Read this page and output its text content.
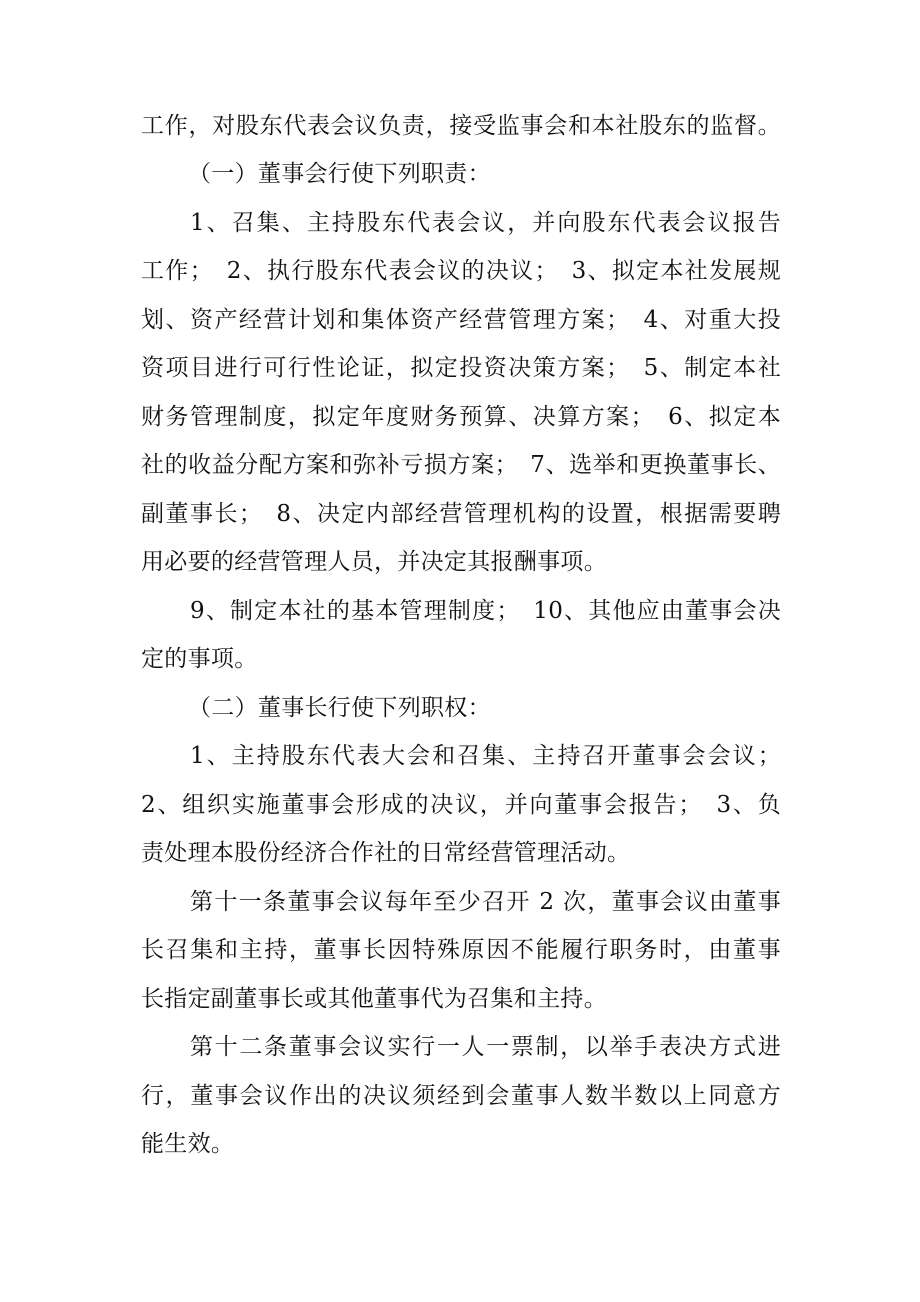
工作，对股东代表会议负责，接受监事会和本社股东的监督。
（一）董事会行使下列职责：
1、召集、主持股东代表会议，并向股东代表会议报告
工作；　2、执行股东代表会议的决议；　3、拟定本社发展规
划、资产经营计划和集体资产经营管理方案；　4、对重大投
资项目进行可行性论证，拟定投资决策方案；　5、制定本社
财务管理制度，拟定年度财务预算、决算方案；　6、拟定本
社的收益分配方案和弥补亏损方案；　7、选举和更换董事长、
副董事长；　8、决定内部经营管理机构的设置，根据需要聘
用必要的经营管理人员，并决定其报酬事项。
9、制定本社的基本管理制度；　10、其他应由董事会决
定的事项。
（二）董事长行使下列职权：
1、主持股东代表大会和召集、主持召开董事会会议；
2、组织实施董事会形成的决议，并向董事会报告；　3、负
责处理本股份经济合作社的日常经营管理活动。
第十一条董事会议每年至少召开 2 次，董事会议由董事
长召集和主持，董事长因特殊原因不能履行职务时，由董事
长指定副董事长或其他董事代为召集和主持。
第十二条董事会议实行一人一票制，以举手表决方式进
行，董事会议作出的决议须经到会董事人数半数以上同意方
能生效。
